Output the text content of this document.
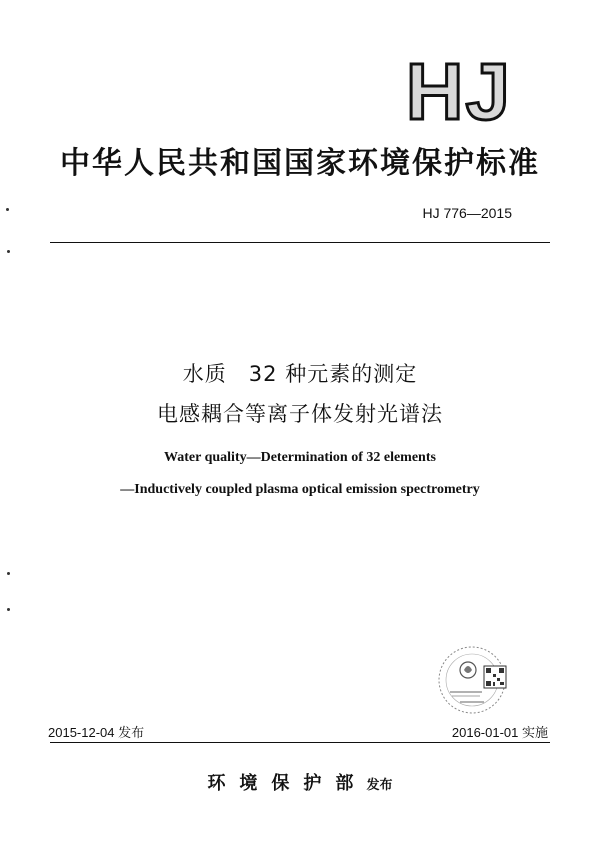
HJ
中华人民共和国国家环境保护标准
HJ 776—2015
水质　32 种元素的测定
电感耦合等离子体发射光谱法
Water quality—Determination of 32 elements
—Inductively coupled plasma optical emission spectrometry
2015-12-04 发布	2016-01-01 实施
环境保护部 发布
